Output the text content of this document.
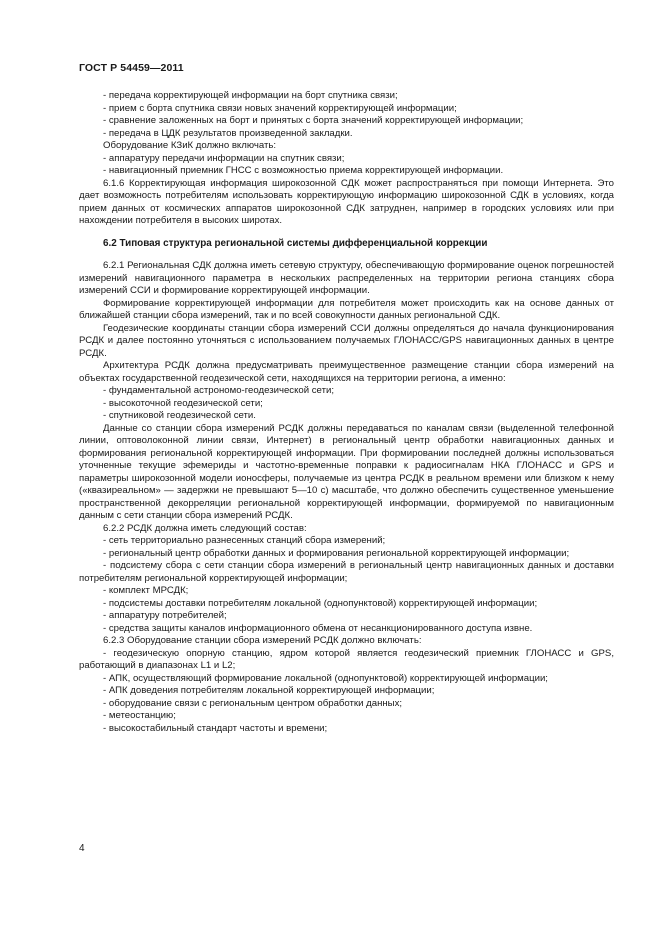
ГОСТ Р 54459—2011

- передача корректирующей информации на борт спутника связи;

- прием с борта спутника связи новых значений корректирующей информации;

- сравнение заложенных на борт и принятых с борта значений корректирующей информации;

- передача в ЦДК результатов произведенной закладки.

Оборудование КЗиК должно включать:

- аппаратуру передачи информации на спутник связи;

- навигационный приемник ГНСС с возможностью приема корректирующей информации.

6.1.6 Корректирующая информация широкозонной СДК может распространяться при помощи Интернета. Это дает возможность потребителям использовать корректирующую информацию широкозонной СДК в условиях, когда прием данных от космических аппаратов широкозонной СДК затруднен, например в городских условиях или при нахождении потребителя в высоких широтах.

6.2 Типовая структура региональной системы дифференциальной коррекции

6.2.1 Региональная СДК должна иметь сетевую структуру, обеспечивающую формирование оценок погрешностей измерений навигационного параметра в нескольких распределенных на территории региона станциях сбора измерений ССИ и формирование корректирующей информации.

Формирование корректирующей информации для потребителя может происходить как на основе данных от ближайшей станции сбора измерений, так и по всей совокупности данных региональной СДК.

Геодезические координаты станции сбора измерений ССИ должны определяться до начала функционирования РСДК и далее постоянно уточняться с использованием получаемых ГЛОНАСС/GPS навигационных данных в центре РСДК.

Архитектура РСДК должна предусматривать преимущественное размещение станции сбора измерений на объектах государственной геодезической сети, находящихся на территории региона, а именно:

- фундаментальной астрономо-геодезической сети;

- высокоточной геодезической сети;

- спутниковой геодезической сети.

Данные со станции сбора измерений РСДК должны передаваться по каналам связи (выделенной телефонной линии, оптоволоконной линии связи, Интернет) в региональный центр обработки навигационных данных и формирования региональной корректирующей информации. При формировании последней должны использоваться уточненные текущие эфемериды и частотно-временные поправки к радиосигналам НКА ГЛОНАСС и GPS и параметры широкозонной модели ионосферы, получаемые из центра РСДК в реальном времени или близком к нему («квазиреальном» — задержки не превышают 5—10 с) масштабе, что должно обеспечить существенное уменьшение пространственной декорреляции региональной корректирующей информации, формируемой по навигационным данным с сети станции сбора измерений РСДК.

6.2.2 РСДК должна иметь следующий состав:

- сеть территориально разнесенных станций сбора измерений;

- региональный центр обработки данных и формирования региональной корректирующей информации;

- подсистему сбора с сети станции сбора измерений в региональный центр навигационных данных и доставки потребителям региональной корректирующей информации;

- комплект МРСДК;

- подсистемы доставки потребителям локальной (однопунктовой) корректирующей информации;

- аппаратуру потребителей;

- средства защиты каналов информационного обмена от несанкционированного доступа извне.

6.2.3 Оборудование станции сбора измерений РСДК должно включать:

- геодезическую опорную станцию, ядром которой является геодезический приемник ГЛОНАСС и GPS, работающий в диапазонах L1 и L2;

- АПК, осуществляющий формирование локальной (однопунктовой) корректирующей информации;

- АПК доведения потребителям локальной корректирующей информации;

- оборудование связи с региональным центром обработки данных;

- метеостанцию;

- высокостабильный стандарт частоты и времени;

4
